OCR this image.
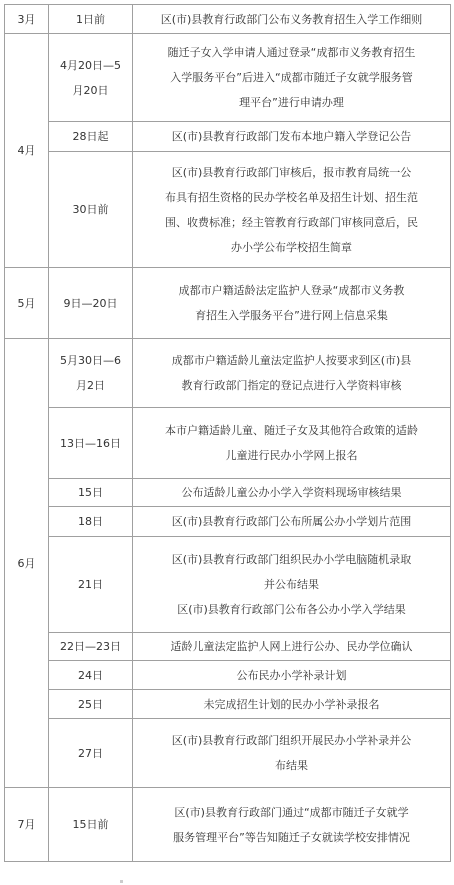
3月	1日前	区(市)县教育行政部门公布义务教育招生入学工作细则

4月	4月20日—5月20日	随迁子女入学申请人通过登录“成都市义务教育招生
入学服务平台”后进入“成都市随迁子女就学服务管
理平台”进行申请办理

	28日起	区(市)县教育行政部门发布本地户籍入学登记公告

	30日前	区(市)县教育行政部门审核后，报市教育局统一公
布具有招生资格的民办学校名单及招生计划、招生范
围、收费标准；经主管教育行政部门审核同意后，民
办小学公布学校招生简章

5月	9日—20日	成都市户籍适龄法定监护人登录“成都市义务教
育招生入学服务平台”进行网上信息采集

6月	5月30日—6月2日	成都市户籍适龄儿童法定监护人按要求到区(市)县
教育行政部门指定的登记点进行入学资料审核

	13日—16日	本市户籍适龄儿童、随迁子女及其他符合政策的适龄
儿童进行民办小学网上报名

	15日	公布适龄儿童公办小学入学资料现场审核结果

	18日	区(市)县教育行政部门公布所属公办小学划片范围

	21日	区(市)县教育行政部门组织民办小学电脑随机录取
并公布结果
区(市)县教育行政部门公布各公办小学入学结果

	22日—23日	适龄儿童法定监护人网上进行公办、民办学位确认

	24日	公布民办小学补录计划

	25日	未完成招生计划的民办小学补录报名

	27日	区(市)县教育行政部门组织开展民办小学补录并公
布结果

7月	15日前	区(市)县教育行政部门通过“成都市随迁子女就学
服务管理平台”等告知随迁子女就读学校安排情况
